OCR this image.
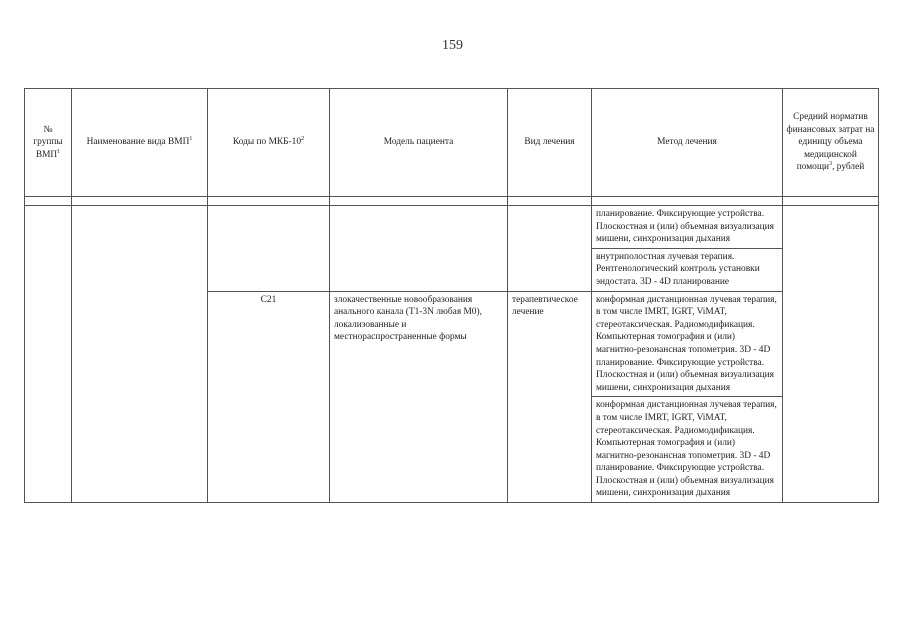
159
№ группы ВМП$^1$	Наименование вида ВМП$^1$	Коды по МКБ-$10^2$	Модель пациента	Вид лечения	Метод лечения	Средний норматив финансовых затрат на единицу объема медицинской помощи$^3$, рублей

					планирование. Фиксирующие устройства. Плоскостная и (или) объемная визуализация мишени, синхронизация дыхания	
					внутриполостная лучевая терапия. Рентгенологический контроль установки эндостата. 3D - 4D планирование	
		C21	злокачественные новообразования анального канала (T1-3N любая M0), локализованные и местнораспространенные формы	терапевтическое лечение	конформная дистанционная лучевая терапия, в том числе IMRT, IGRT, ViMAT, стереотаксическая. Радиомодификация. Компьютерная томография и (или) магнитно-резонансная топометрия. 3D - 4D планирование. Фиксирующие устройства. Плоскостная и (или) объемная визуализация мишени, синхронизация дыхания	
					конформная дистанционная лучевая терапия, в том числе IMRT, IGRT, ViMAT, стереотаксическая. Радиомодификация. Компьютерная томография и (или) магнитно-резонансная топометрия. 3D - 4D планирование. Фиксирующие устройства. Плоскостная и (или) объемная визуализация мишени, синхронизация дыхания	
